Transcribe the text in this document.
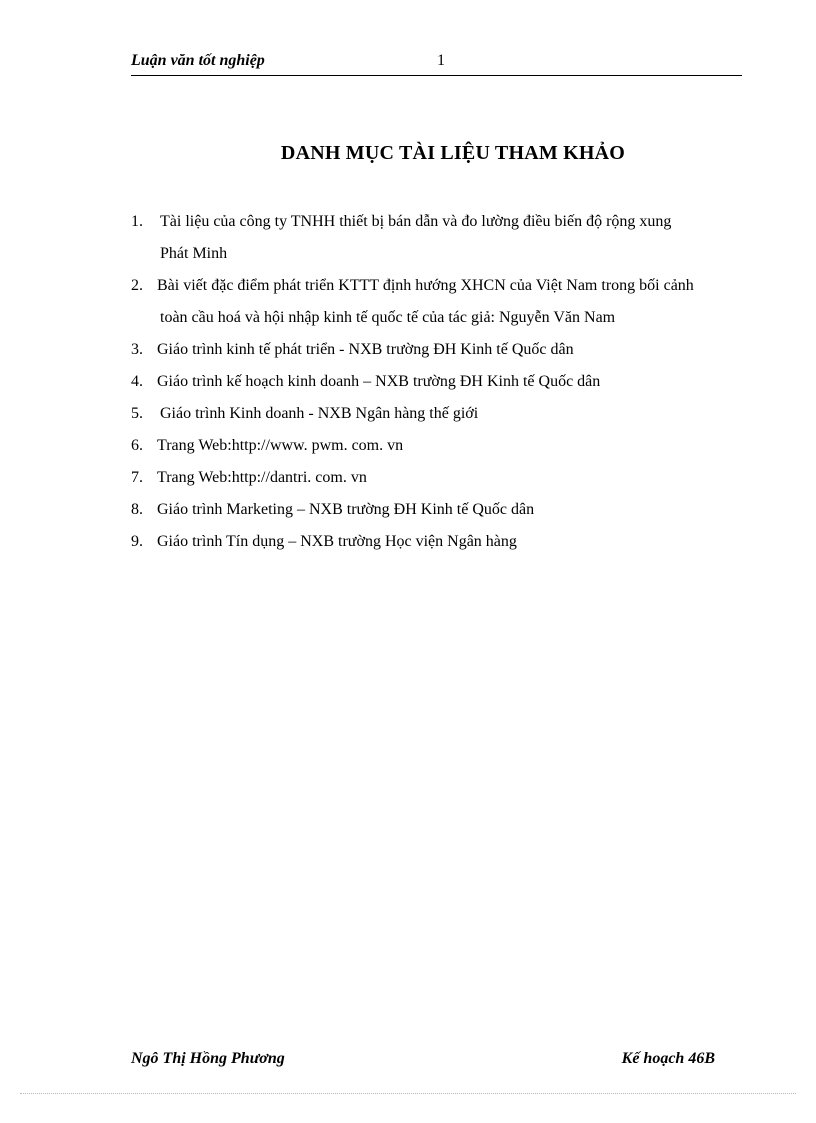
Luận văn tốt nghiệp	1
DANH MỤC TÀI LIỆU THAM KHẢO
1.	Tài liệu của công ty TNHH thiết bị bán dẫn và đo lường điều biến độ rộng xung
Phát Minh
2. Bài viết đặc điểm phát triển KTTT định hướng XHCN của Việt Nam trong bối cảnh
toàn cầu hoá và hội nhập kinh tế quốc tế của tác giả: Nguyễn Văn Nam
3. Giáo trình kinh tế phát triển - NXB trường ĐH Kinh tế Quốc dân
4. Giáo trình kế hoạch kinh doanh – NXB trường ĐH Kinh tế Quốc dân
5.	Giáo trình Kinh doanh - NXB Ngân hàng thế giới
6. Trang Web:http://www. pwm. com. vn
7. Trang Web:http://dantri. com. vn
8. Giáo trình Marketing – NXB trường ĐH Kinh tế Quốc dân
9. Giáo trình Tín dụng – NXB trường Học viện Ngân hàng
Ngô Thị Hồng Phương	Kế hoạch 46B
